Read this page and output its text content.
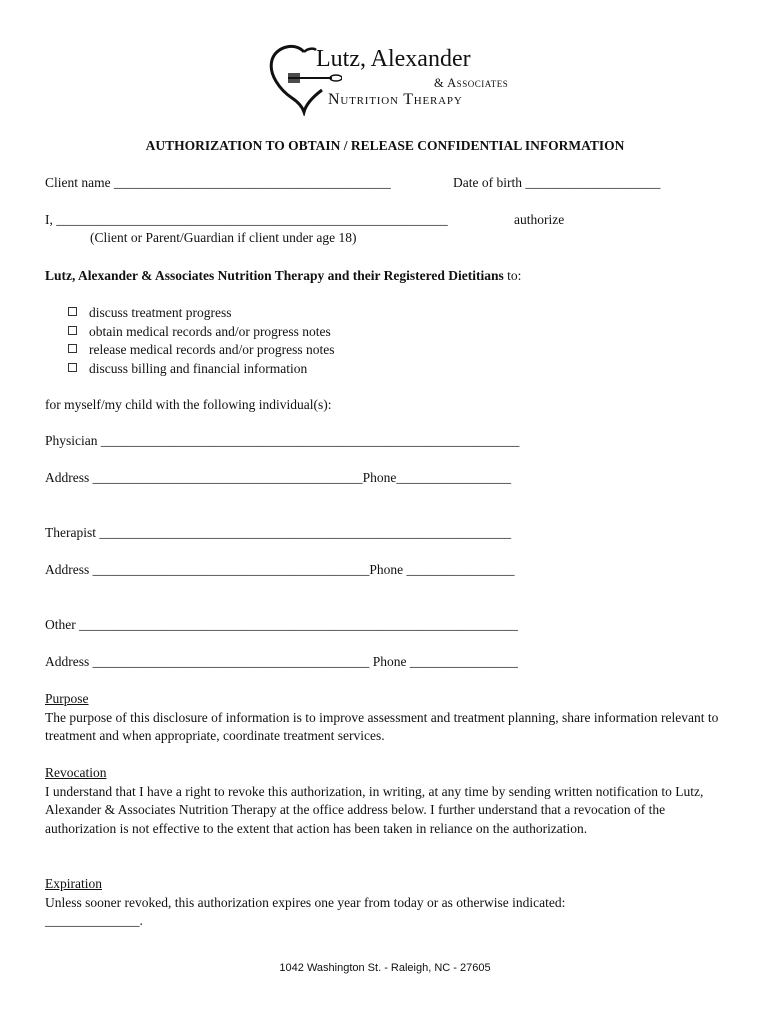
Lutz, Alexander
& Associates
Nutrition Therapy
AUTHORIZATION TO OBTAIN / RELEASE CONFIDENTIAL INFORMATION
Client name _________________________________________	Date of birth ____________________
I, __________________________________________________________	authorize
(Client or Parent/Guardian if client under age 18)
Lutz, Alexander & Associates Nutrition Therapy and their Registered Dietitians to:
discuss treatment progress
obtain medical records and/or progress notes
release medical records and/or progress notes
discuss billing and financial information
for myself/my child with the following individual(s):
Physician ______________________________________________________________
Address ________________________________________Phone_________________
Therapist _____________________________________________________________
Address _________________________________________Phone ________________
Other _________________________________________________________________
Address _________________________________________ Phone ________________
Purpose
The purpose of this disclosure of information is to improve assessment and treatment planning, share information relevant to treatment and when appropriate, coordinate treatment services.
Revocation
I understand that I have a right to revoke this authorization, in writing, at any time by sending written notification to Lutz, Alexander & Associates Nutrition Therapy at the office address below. I further understand that a revocation of the authorization is not effective to the extent that action has been taken in reliance on the authorization.
Expiration
Unless sooner revoked, this authorization expires one year from today or as otherwise indicated:
______________.
1042 Washington St. - Raleigh, NC - 27605
